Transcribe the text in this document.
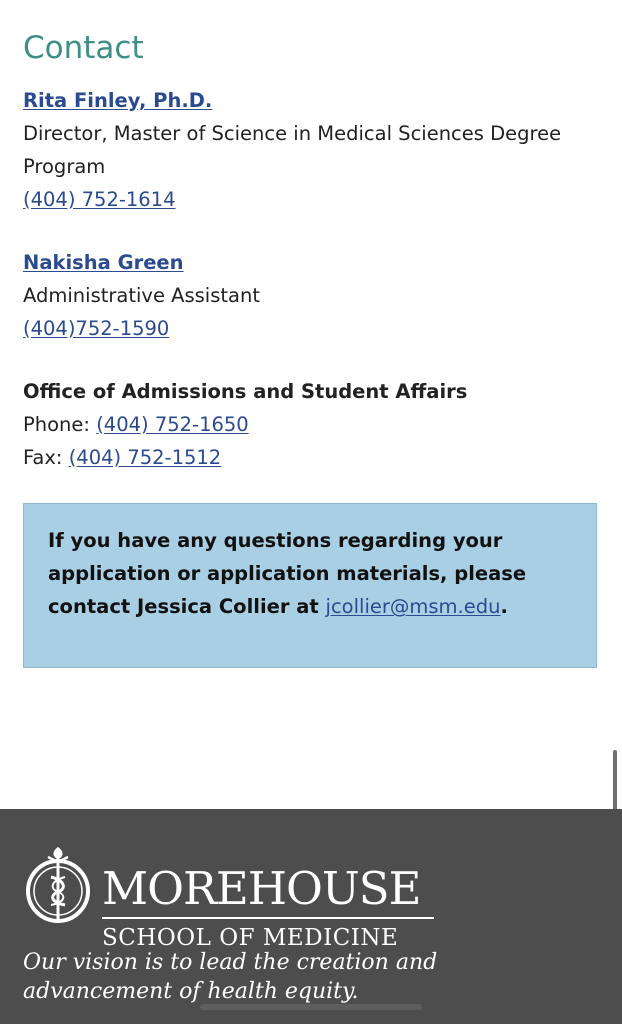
Contact
Rita Finley, Ph.D.
Director, Master of Science in Medical Sciences Degree Program
(404) 752-1614
Nakisha Green
Administrative Assistant
(404)752-1590
Office of Admissions and Student Affairs
Phone: (404) 752-1650
Fax: (404) 752-1512

If you have any questions regarding your application or application materials, please contact Jessica Collier at jcollier@msm.edu.

MOREHOUSE
SCHOOL OF MEDICINE

Our vision is to lead the creation and advancement of health equity.
